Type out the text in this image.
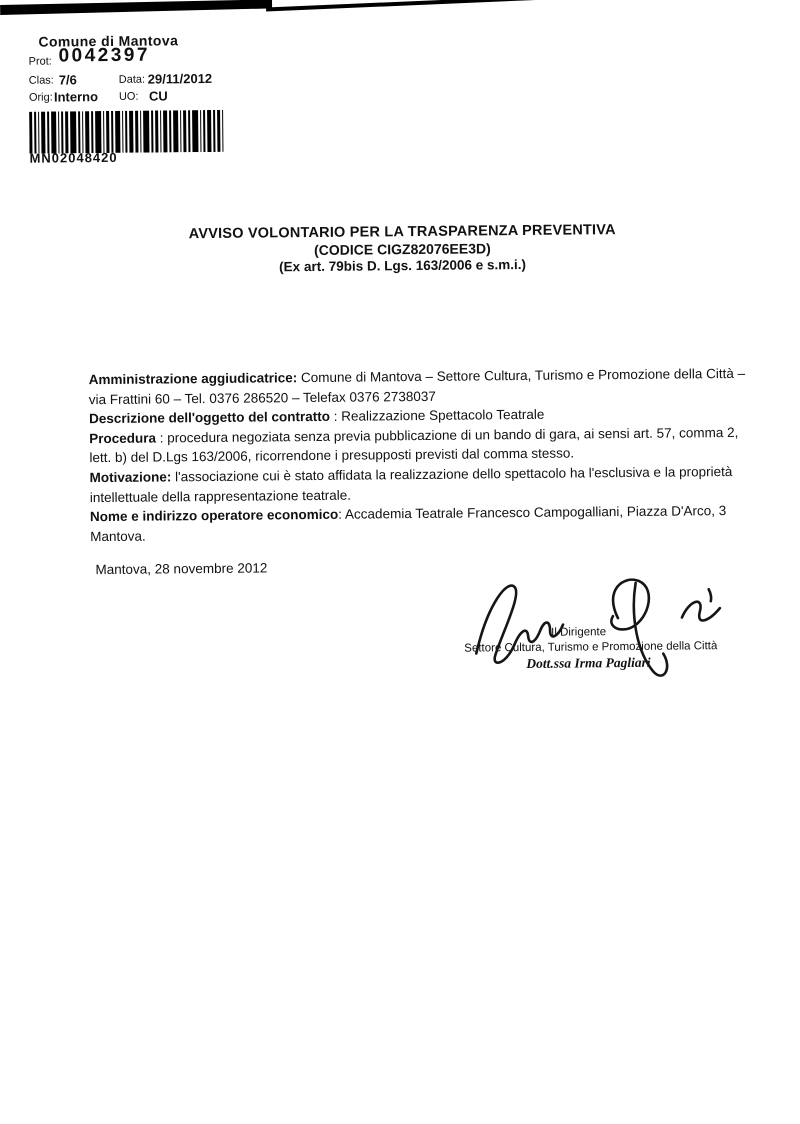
Comune di Mantova
Prot: 0042397
Clas: 7/6	Data: 29/11/2012
Orig: Interno UO: CU
MN02048420
AVVISO VOLONTARIO PER LA TRASPARENZA PREVENTIVA
(CODICE CIGZ82076EE3D)
(Ex art. 79bis D. Lgs. 163/2006 e s.m.i.)
Amministrazione aggiudicatrice: Comune di Mantova – Settore Cultura, Turismo e Promozione della Città – via Frattini 60 – Tel. 0376 286520 – Telefax 0376 2738037
Descrizione dell'oggetto del contratto : Realizzazione Spettacolo Teatrale
Procedura : procedura negoziata senza previa pubblicazione di un bando di gara, ai sensi art. 57, comma 2, lett. b) del D.Lgs 163/2006, ricorrendone i presupposti previsti dal comma stesso.
Motivazione: l'associazione cui è stato affidata la realizzazione dello spettacolo ha l'esclusiva e la proprietà intellettuale della rappresentazione teatrale.
Nome e indirizzo operatore economico: Accademia Teatrale Francesco Campogalliani, Piazza D'Arco, 3 Mantova.
Mantova, 28 novembre 2012
Il Dirigente
Settore Cultura, Turismo e Promozione della Città
Dott.ssa Irma Pagliari
